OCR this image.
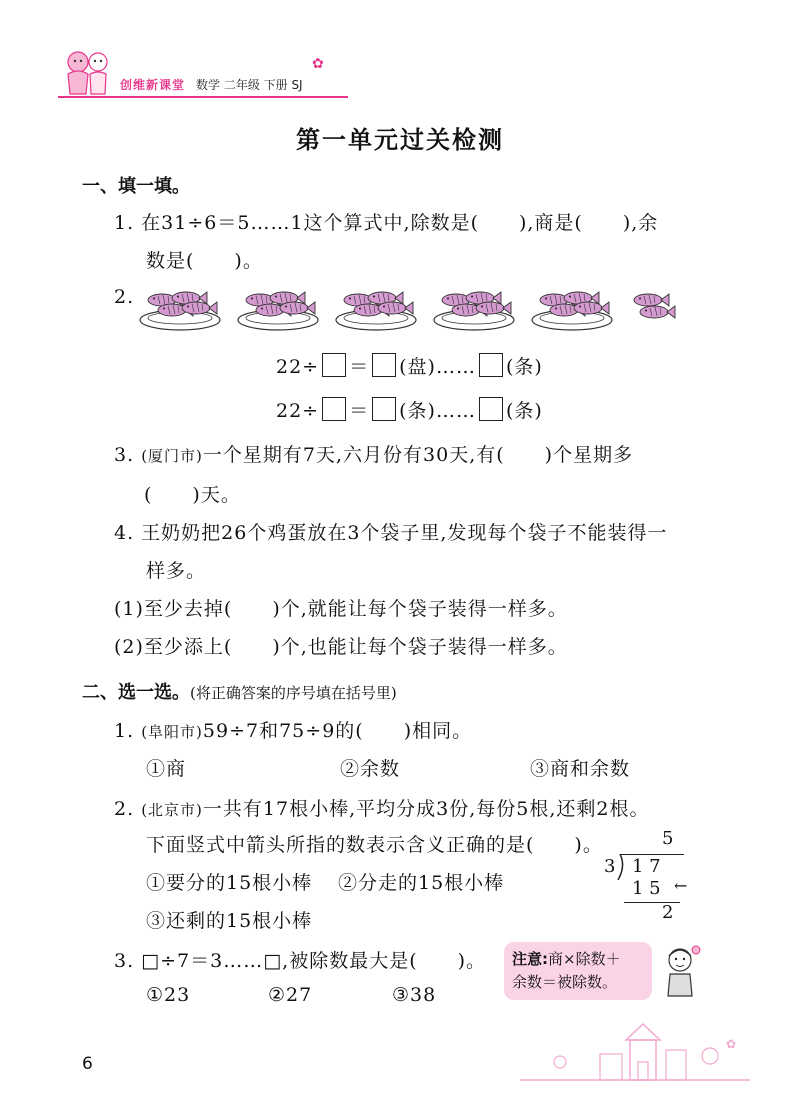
创维新课堂 数学 二年级 下册 SJ
✿
第一单元过关检测
一、填一填。
1. 在31÷6＝5……1这个算式中,除数是(　　),商是(　　),余
数是(　　)。
2.
22÷ ＝ (盘)…… (条)
22÷ ＝ (条)…… (条)
3. (厦门市)一个星期有7天,六月份有30天,有(　　)个星期多
(　　)天。
4. 王奶奶把26个鸡蛋放在3个袋子里,发现每个袋子不能装得一
样多。
(1)至少去掉(　　)个,就能让每个袋子装得一样多。
(2)至少添上(　　)个,也能让每个袋子装得一样多。
二、选一选。(将正确答案的序号填在括号里)
1. (阜阳市)59÷7和75÷9的(　　)相同。
①商	②余数	③商和余数
2. (北京市)一共有17根小棒,平均分成3份,每份5根,还剩2根。
下面竖式中箭头所指的数表示含义正确的是(　　)。
①要分的15根小棒 ②分走的15根小棒
③还剩的15根小棒
5
3 1 7
1 5 ←
2
3. □÷7＝3……□,被除数最大是(　　)。
①23	②27	③38
注意:商×除数＋
余数＝被除数。
6
✿
